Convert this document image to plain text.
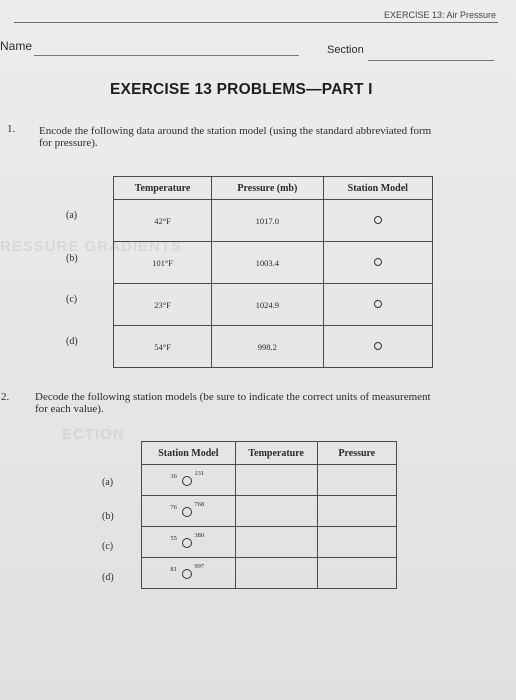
EXERCISE 13: Air Pressure
Name	Section
EXERCISE 13 PROBLEMS—PART I
RESSURE GRADIENTS
ECTION
1. Encode the following data around the station model (using the standard abbreviated form
for pressure).
(a)
(b)
(c)
(d)
Temperature	Pressure (mb)	Station Model
42°F	1017.0	
101°F	1003.4	
23°F	1024.9	
54°F	998.2	
2. Decode the following station models (be sure to indicate the correct units of measurement
for each value).
(a)
(b)
(c)
(d)
Station Model	Temperature	Pressure

36 131		

76 768		

55 380		

81 997		
